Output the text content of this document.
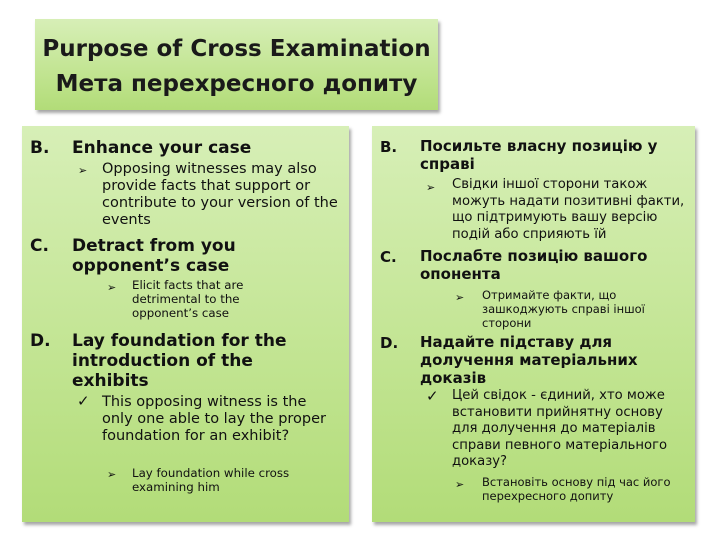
Purpose of Cross Examination
Мета перехресного допиту
B. Enhance your case
➢ Opposing witnesses may also provide facts that support or contribute to your version of the events
C. Detract from you opponent’s case
➢ Elicit facts that are detrimental to the opponent’s case
D. Lay foundation for the introduction of the exhibits
✓ This opposing witness is the only one able to lay the proper foundation for an exhibit?
➢ Lay foundation while cross examining him
B. Посильте власну позицію у справі
➢ Свідки іншої сторони також можуть надати позитивні факти, що підтримують вашу версію подій або сприяють їй
C. Послабте позицію вашого опонента
➢ Отримайте факти, що зашкоджують справі іншої сторони
D. Надайте підставу для долучення матеріальних доказів
✓ Цей свідок - єдиний, хто може встановити прийнятну основу для долучення до матеріалів справи певного матеріального доказу?
➢ Встановіть основу під час його перехресного допиту
